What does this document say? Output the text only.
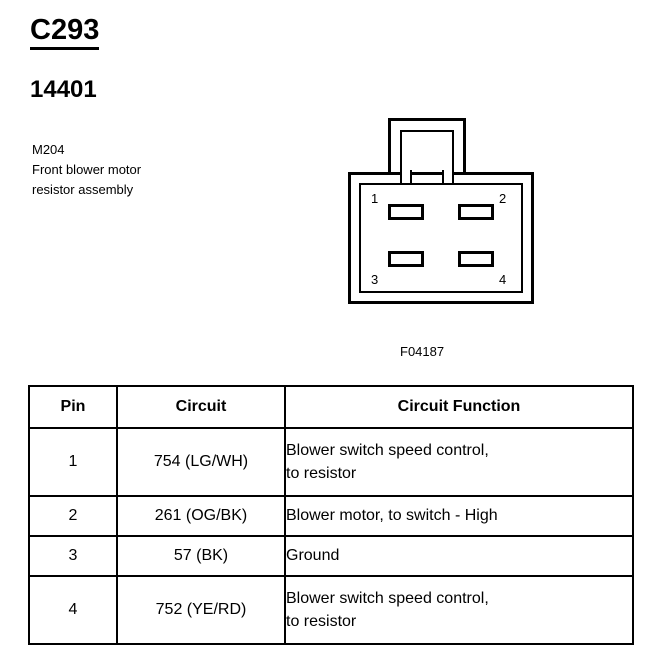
C293
14401
M204
Front blower motor
resistor assembly
1	2
3	4
F04187
Pin	Circuit	Circuit Function
1	754 (LG/WH)	Blower switch speed control,
to resistor

2	261 (OG/BK)	Blower motor, to switch - High

3	57 (BK)	Ground

4	752 (YE/RD)	Blower switch speed control,
to resistor
